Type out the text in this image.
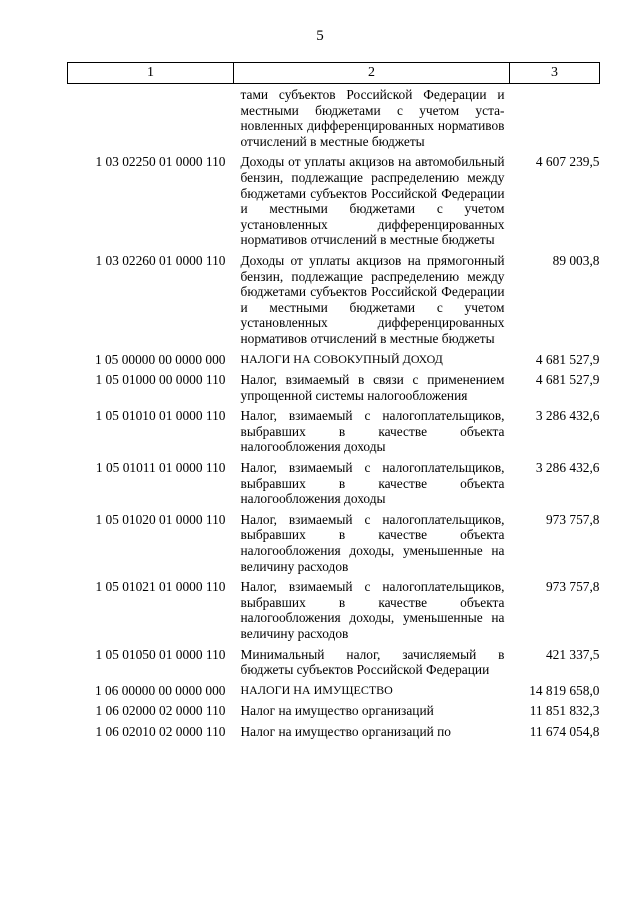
5
1	2	3
	тами субъектов Российской Федерации и местными бюджетами с учетом установленных дифференцированных нормативов отчислений в местные бюджеты	
1 03 02250 01 0000 110	Доходы от уплаты акцизов на автомобильный бензин, подлежащие распределению между бюджетами субъектов Российской Федерации и местными бюджетами с учетом установленных дифференцированных нормативов отчислений в местные бюджеты	4 607 239,5
1 03 02260 01 0000 110	Доходы от уплаты акцизов на прямогонный бензин, подлежащие распределению между бюджетами субъектов Российской Федерации и местными бюджетами с учетом установленных дифференцированных нормативов отчислений в местные бюджеты	89 003,8
1 05 00000 00 0000 000	НАЛОГИ НА СОВОКУПНЫЙ ДОХОД	4 681 527,9
1 05 01000 00 0000 110	Налог, взимаемый в связи с применением упрощенной системы налогообложения	4 681 527,9
1 05 01010 01 0000 110	Налог, взимаемый с налогоплательщиков, выбравших в качестве объекта налогообложения доходы	3 286 432,6
1 05 01011 01 0000 110	Налог, взимаемый с налогоплательщиков, выбравших в качестве объекта налогообложения доходы	3 286 432,6
1 05 01020 01 0000 110	Налог, взимаемый с налогоплательщиков, выбравших в качестве объекта налогообложения доходы, уменьшенные на величину расходов	973 757,8
1 05 01021 01 0000 110	Налог, взимаемый с налогоплательщиков, выбравших в качестве объекта налогообложения доходы, уменьшенные на величину расходов	973 757,8
1 05 01050 01 0000 110	Минимальный налог, зачисляемый в бюджеты субъектов Российской Федерации	421 337,5
1 06 00000 00 0000 000	НАЛОГИ НА ИМУЩЕСТВО	14 819 658,0
1 06 02000 02 0000 110	Налог на имущество организаций	11 851 832,3
1 06 02010 02 0000 110	Налог на имущество организаций по	11 674 054,8
